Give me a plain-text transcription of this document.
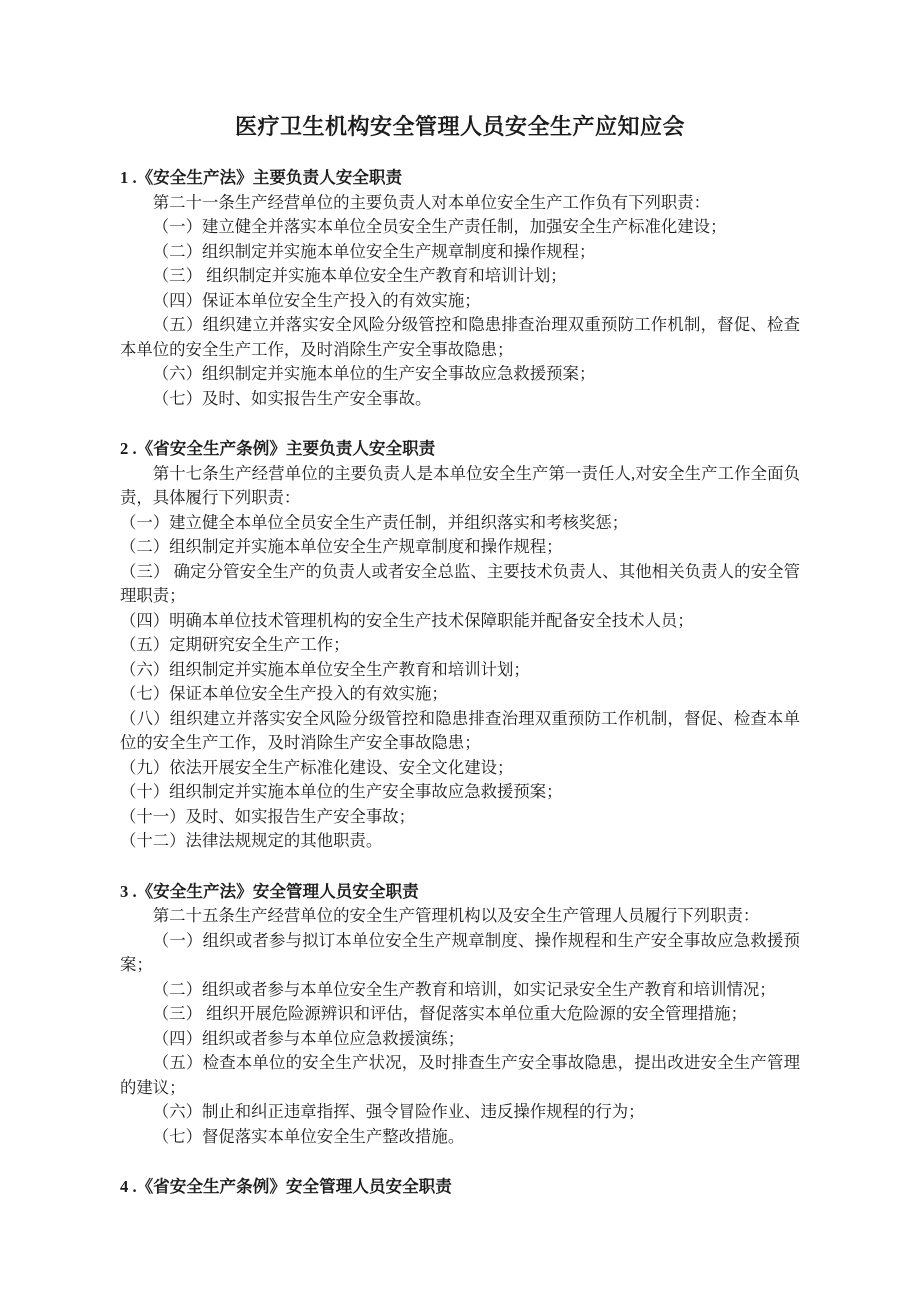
医疗卫生机构安全管理人员安全生产应知应会
1 .《安全生产法》主要负责人安全职责

第二十一条生产经营单位的主要负责人对本单位安全生产工作负有下列职责：

（一）建立健全并落实本单位全员安全生产责任制，加强安全生产标准化建设；

（二）组织制定并实施本单位安全生产规章制度和操作规程；

（三） 组织制定并实施本单位安全生产教育和培训计划；

（四）保证本单位安全生产投入的有效实施；

（五）组织建立并落实安全风险分级管控和隐患排查治理双重预防工作机制，督促、检查本单位的安全生产工作，及时消除生产安全事故隐患；

（六）组织制定并实施本单位的生产安全事故应急救援预案；

（七）及时、如实报告生产安全事故。

2 .《省安全生产条例》主要负责人安全职责

第十七条生产经营单位的主要负责人是本单位安全生产第一责任人,对安全生产工作全面负责，具体履行下列职责：

（一）建立健全本单位全员安全生产责任制，并组织落实和考核奖惩；

（二）组织制定并实施本单位安全生产规章制度和操作规程；

（三） 确定分管安全生产的负责人或者安全总监、主要技术负责人、其他相关负责人的安全管理职责；

（四）明确本单位技术管理机构的安全生产技术保障职能并配备安全技术人员；

（五）定期研究安全生产工作；

（六）组织制定并实施本单位安全生产教育和培训计划；

（七）保证本单位安全生产投入的有效实施；

（八）组织建立并落实安全风险分级管控和隐患排查治理双重预防工作机制，督促、检查本单位的安全生产工作，及时消除生产安全事故隐患；

（九）依法开展安全生产标准化建设、安全文化建设；

（十）组织制定并实施本单位的生产安全事故应急救援预案；

（十一）及时、如实报告生产安全事故；

（十二）法律法规规定的其他职责。

3 .《安全生产法》安全管理人员安全职责

第二十五条生产经营单位的安全生产管理机构以及安全生产管理人员履行下列职责：

（一）组织或者参与拟订本单位安全生产规章制度、操作规程和生产安全事故应急救援预案；

（二）组织或者参与本单位安全生产教育和培训，如实记录安全生产教育和培训情况；

（三） 组织开展危险源辨识和评估，督促落实本单位重大危险源的安全管理措施；

（四）组织或者参与本单位应急救援演练；

（五）检查本单位的安全生产状况，及时排查生产安全事故隐患，提出改进安全生产管理的建议；

（六）制止和纠正违章指挥、强令冒险作业、违反操作规程的行为；

（七）督促落实本单位安全生产整改措施。

4 .《省安全生产条例》安全管理人员安全职责
